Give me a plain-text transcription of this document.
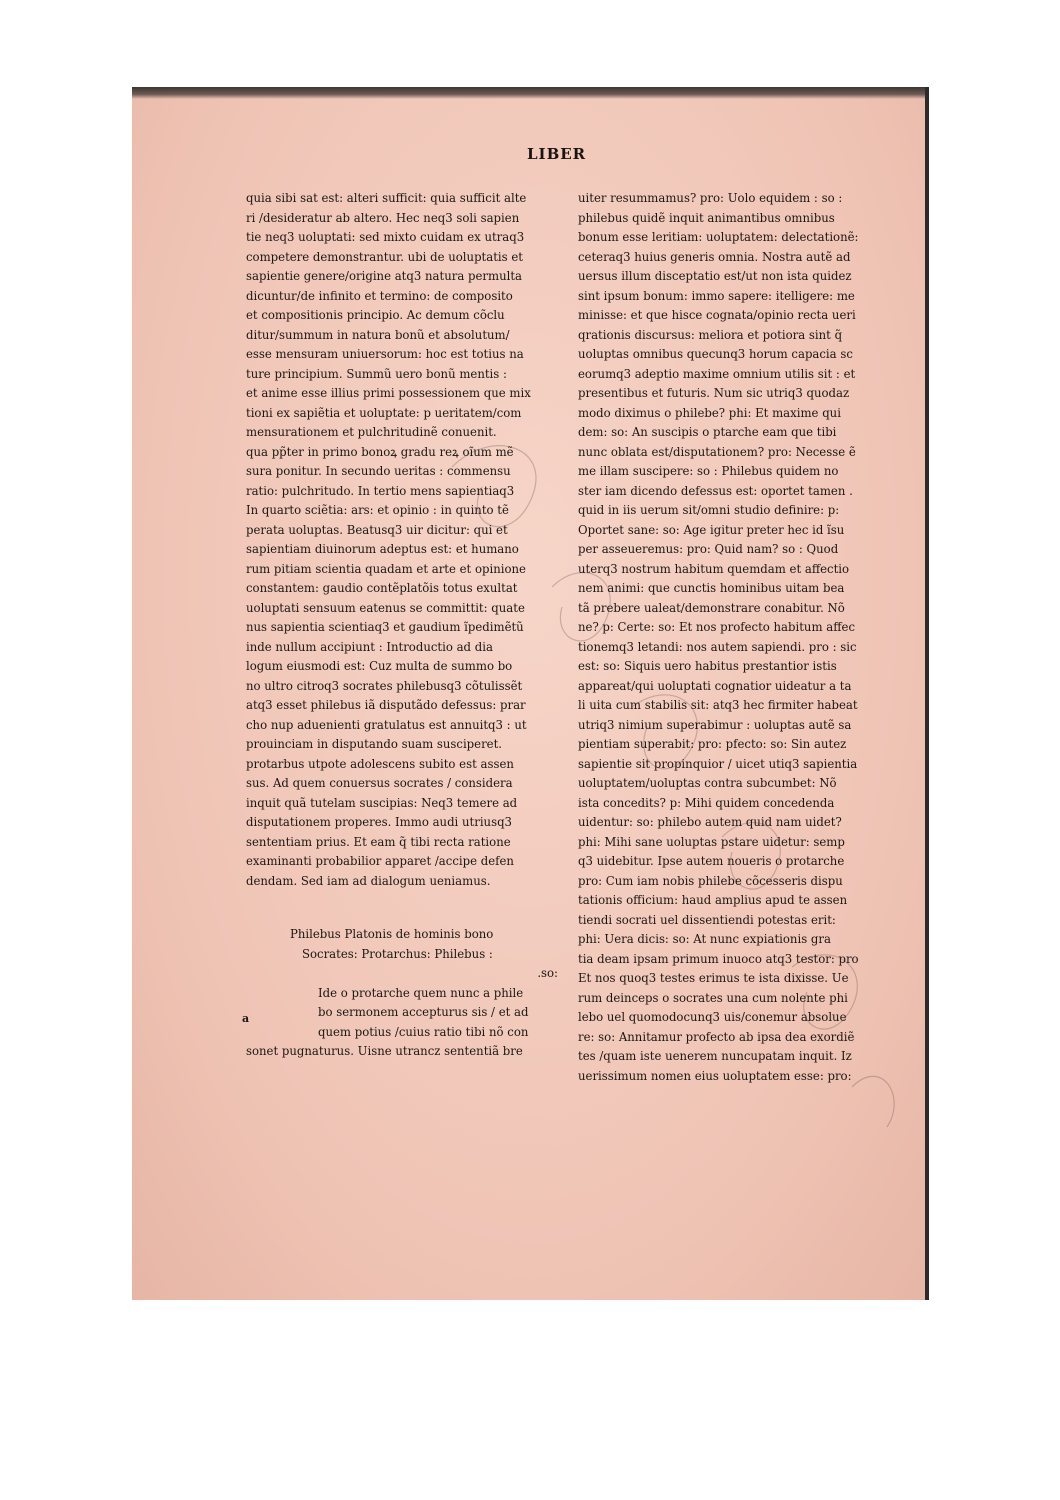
LIBER
quia sibi sat est: alteri sufficit: quia sufficit alte
ri /desideratur ab altero. Hec neq3 soli sapien
tie neq3 uoluptati: sed mixto cuidam ex utraq3
competere demonstrantur. ubi de uoluptatis et
sapientie genere/origine atq3 natura permulta
dicuntur/de infinito et termino: de composito
et compositionis principio. Ac demum cõclu
ditur/summum in natura bonũ et absolutum/
esse mensuram uniuersorum: hoc est totius na
ture principium. Summũ uero bonũ mentis :
et anime esse illius primi possessionem que mix
tioni ex sapiẽtia et uoluptate: p ueritatem/com
mensurationem et pulchritudinẽ conuenit.
qua pp̃ter in primo bonoꝝ gradu reꝝ oĩum mẽ
sura ponitur. In secundo ueritas : commensu
ratio: pulchritudo. In tertio mens sapientiaq3
In quarto sciẽtia: ars: et opinio : in quinto tẽ
perata uoluptas. Beatusq3 uir dicitur: qui et
sapientiam diuinorum adeptus est: et humano
rum pitiam scientia quadam et arte et opinione
constantem: gaudio contẽplatõis totus exultat
uoluptati sensuum eatenus se committit: quate
nus sapientia scientiaq3 et gaudium ĩpedimẽtũ
inde nullum accipiunt : Introductio ad dia
logum eiusmodi est: Cuz multa de summo bo
no ultro citroq3 socrates philebusq3 cõtulissẽt
atq3 esset philebus iã disputãdo defessus: prar
cho nup aduenienti gratulatus est annuitq3 : ut
prouinciam in disputando suam susciperet.
protarbus utpote adolescens subito est assen
sus. Ad quem conuersus socrates / considera
inquit quã tutelam suscipias: Neq3 temere ad
disputationem properes. Immo audi utriusq3
sententiam prius. Et eam q̃ tibi recta ratione
examinanti probabilior apparet /accipe defen
dendam. Sed iam ad dialogum ueniamus.
Philebus Platonis de hominis bono
Socrates: Protarchus: Philebus :
.so:
Ide o protarche quem nunc a phile
bo sermonem accepturus sis / et ad
quem potius /cuius ratio tibi nõ con
sonet pugnaturus. Uisne utrancz sententiã bre
a
uiter resummamus? pro: Uolo equidem : so :
philebus quidẽ inquit animantibus omnibus
bonum esse leritiam: uoluptatem: delectationẽ:
ceteraq3 huius generis omnia. Nostra autẽ ad
uersus illum disceptatio est/ut non ista quidez
sint ipsum bonum: immo sapere: itelligere: me
minisse: et que hisce cognata/opinio recta ueri
qrationis discursus: meliora et potiora sint q̃
uoluptas omnibus quecunq3 horum capacia sc
eorumq3 adeptio maxime omnium utilis sit : et
presentibus et futuris. Num sic utriq3 quodaz
modo diximus o philebe? phi: Et maxime qui
dem: so: An suscipis o ptarche eam que tibi
nunc oblata est/disputationem? pro: Necesse ẽ
me illam suscipere: so : Philebus quidem no
ster iam dicendo defessus est: oportet tamen .
quid in iis uerum sit/omni studio definire: p:
Oportet sane: so: Age igitur preter hec id ĩsu
per asseueremus: pro: Quid nam? so : Quod
uterq3 nostrum habitum quemdam et affectio
nem animi: que cunctis hominibus uitam bea
tã prebere ualeat/demonstrare conabitur. Nõ
ne? p: Certe: so: Et nos profecto habitum affec
tionemq3 letandi: nos autem sapiendi. pro : sic
est: so: Siquis uero habitus prestantior istis
appareat/qui uoluptati cognatior uideatur a ta
li uita cum stabilis sit: atq3 hec firmiter habeat
utriq3 nimium superabimur : uoluptas autẽ sa
pientiam superabit: pro: pfecto: so: Sin autez
sapientie sit propinquior / uicet utiq3 sapientia
uoluptatem/uoluptas contra subcumbet: Nõ
ista concedits? p: Mihi quidem concedenda
uidentur: so: philebo autem quid nam uidet?
phi: Mihi sane uoluptas pstare uidetur: semp
q3 uidebitur. Ipse autem noueris o protarche
pro: Cum iam nobis philebe cõcesseris dispu
tationis officium: haud amplius apud te assen
tiendi socrati uel dissentiendi potestas erit:
phi: Uera dicis: so: At nunc expiationis gra
tia deam ipsam primum inuoco atq3 testor: pro
Et nos quoq3 testes erimus te ista dixisse. Ue
rum deinceps o socrates una cum nolente phi
lebo uel quomodocunq3 uis/conemur absolue
re: so: Annitamur profecto ab ipsa dea exordiẽ
tes /quam iste uenerem nuncupatam inquit. Iz
uerissimum nomen eius uoluptatem esse: pro:
